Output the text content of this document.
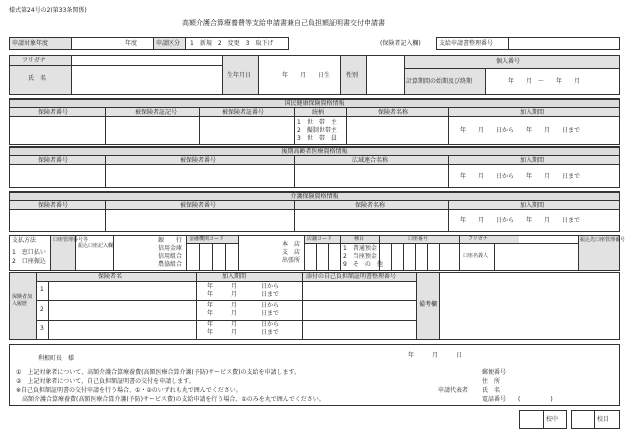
様式第24号の2(第33条関係)
高額介護合算療養費等支給申請書兼自己負担額証明書交付申請書
申請対象年度	年度	申請区分 1　新規　2　変更　3　取下げ	(保険者記入欄)	支給申請書整理番号
フリガナ
氏　名	生年月日	年　　月　　日生	性別
個人番号
計算期間の始期及び終期	年　　月　～　　年　　月
国民健康保険資格情報
保険者番号	被保険者証記号	被保険者証番号	続柄
1　世　帯　主
2　擬制世帯主
3　世　帯　員
保険者名称	加入期間
年　　月　　日から　　年　　月　　日まで
後期高齢者医療資格情報
保険者番号	被保険者番号	広域連合名称	加入期間
年　　月　　日から　　年　　月　　日まで
介護保険資格情報
保険者番号	被保険者番号	保険者名称	加入期間
年　　月　　日から　　年　　月　　日まで
支払方法
1　窓口払い
2　口座振込
口座管理番号等
振込口座記入欄
銀　　行
信用金庫
信用組合
農協組合
金融機関コード
本　店
支　店
出張所
店舗コード	種目
1　普通預金
2　当座預金
9　そ　の　他
口座番号	フリガナ
口座名義人
振込先口座管理番号
保険者加入履歴
保険者名	加入期間	添付の自己負担額証明書整理番号
1	年　　　月　　　　日から
年　　　月　　　　日まで
2
年　　　月　　　　日から
年　　　月　　　　日まで
3
年　　　月　　　　日から
年　　　月　　　　日まで
備考欄
年　　　月　　　日
利根町長　様
①　上記対象者について、高額介護合算療養費(高額医療合算介護(予防)サービス費)の支給を申請します。
②　上記対象者について、自己負担額証明書の交付を申請します。
※自己負担額証明書の交付申請を行う場合、①・②のいずれも丸で囲んでください。
　高額介護合算療養費(高額医療合算介護(予防)サービス費)の支給申請を行う場合、①のみを丸で囲んでください。
郵便番号
住　所
申請代表者 氏　名
電話番号　　(　　　　　)
校中	校目
